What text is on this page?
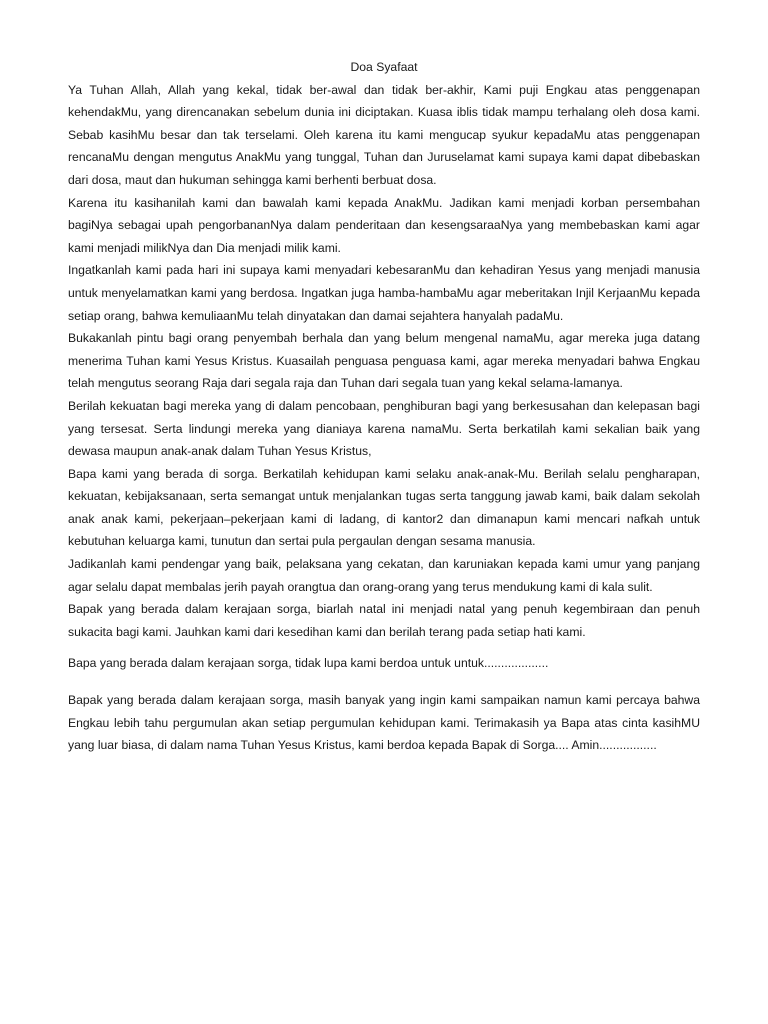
Doa Syafaat

Ya Tuhan Allah, Allah yang kekal, tidak ber-awal dan tidak ber-akhir, Kami puji Engkau atas penggenapan kehendakMu, yang direncanakan sebelum dunia ini diciptakan. Kuasa iblis tidak mampu terhalang oleh dosa kami. Sebab kasihMu besar dan tak terselami. Oleh karena itu kami mengucap syukur kepadaMu atas penggenapan rencanaMu dengan mengutus AnakMu yang tunggal, Tuhan dan Juruselamat kami supaya kami dapat dibebaskan dari dosa, maut dan hukuman sehingga kami berhenti berbuat dosa.

Karena itu kasihanilah kami dan bawalah kami kepada AnakMu. Jadikan kami menjadi korban persembahan bagiNya sebagai upah pengorbananNya dalam penderitaan dan kesengsaraaNya yang membebaskan kami agar kami menjadi milikNya dan Dia menjadi milik kami.

Ingatkanlah kami pada hari ini supaya kami menyadari kebesaranMu dan kehadiran Yesus yang menjadi manusia untuk menyelamatkan kami yang berdosa. Ingatkan juga hamba-hambaMu agar meberitakan Injil KerjaanMu kepada setiap orang, bahwa kemuliaanMu telah dinyatakan dan damai sejahtera hanyalah padaMu.

Bukakanlah pintu bagi orang penyembah berhala dan yang belum mengenal namaMu, agar mereka juga datang menerima Tuhan kami Yesus Kristus. Kuasailah penguasa penguasa kami, agar mereka menyadari bahwa Engkau telah mengutus seorang Raja dari segala raja dan Tuhan dari segala tuan yang kekal selama-lamanya.

Berilah kekuatan bagi mereka yang di dalam pencobaan, penghiburan bagi yang berkesusahan dan kelepasan bagi yang tersesat. Serta lindungi mereka yang dianiaya karena namaMu. Serta berkatilah kami sekalian baik yang dewasa maupun anak-anak dalam Tuhan Yesus Kristus,

Bapa kami yang berada di sorga. Berkatilah kehidupan kami selaku anak-anak-Mu. Berilah selalu pengharapan, kekuatan, kebijaksanaan, serta semangat untuk menjalankan tugas serta tanggung jawab kami, baik dalam sekolah anak anak kami, pekerjaan–pekerjaan kami di ladang, di kantor2 dan dimanapun kami mencari nafkah untuk kebutuhan keluarga kami, tunutun dan sertai pula pergaulan dengan sesama manusia.

Jadikanlah kami pendengar yang baik, pelaksana yang cekatan, dan karuniakan kepada kami umur yang panjang agar selalu dapat membalas jerih payah orangtua dan orang-orang yang terus mendukung kami di kala sulit.

Bapak yang berada dalam kerajaan sorga, biarlah natal ini menjadi natal yang penuh kegembiraan dan penuh sukacita bagi kami. Jauhkan kami dari kesedihan kami dan berilah terang pada setiap hati kami.

Bapa yang berada dalam kerajaan sorga, tidak lupa kami berdoa untuk untuk...................

Bapak yang berada dalam kerajaan sorga, masih banyak yang ingin kami sampaikan namun kami percaya bahwa Engkau lebih tahu pergumulan akan setiap pergumulan kehidupan kami. Terimakasih ya Bapa atas cinta kasihMU yang luar biasa, di dalam nama Tuhan Yesus Kristus, kami berdoa kepada Bapak di Sorga.... Amin.................
